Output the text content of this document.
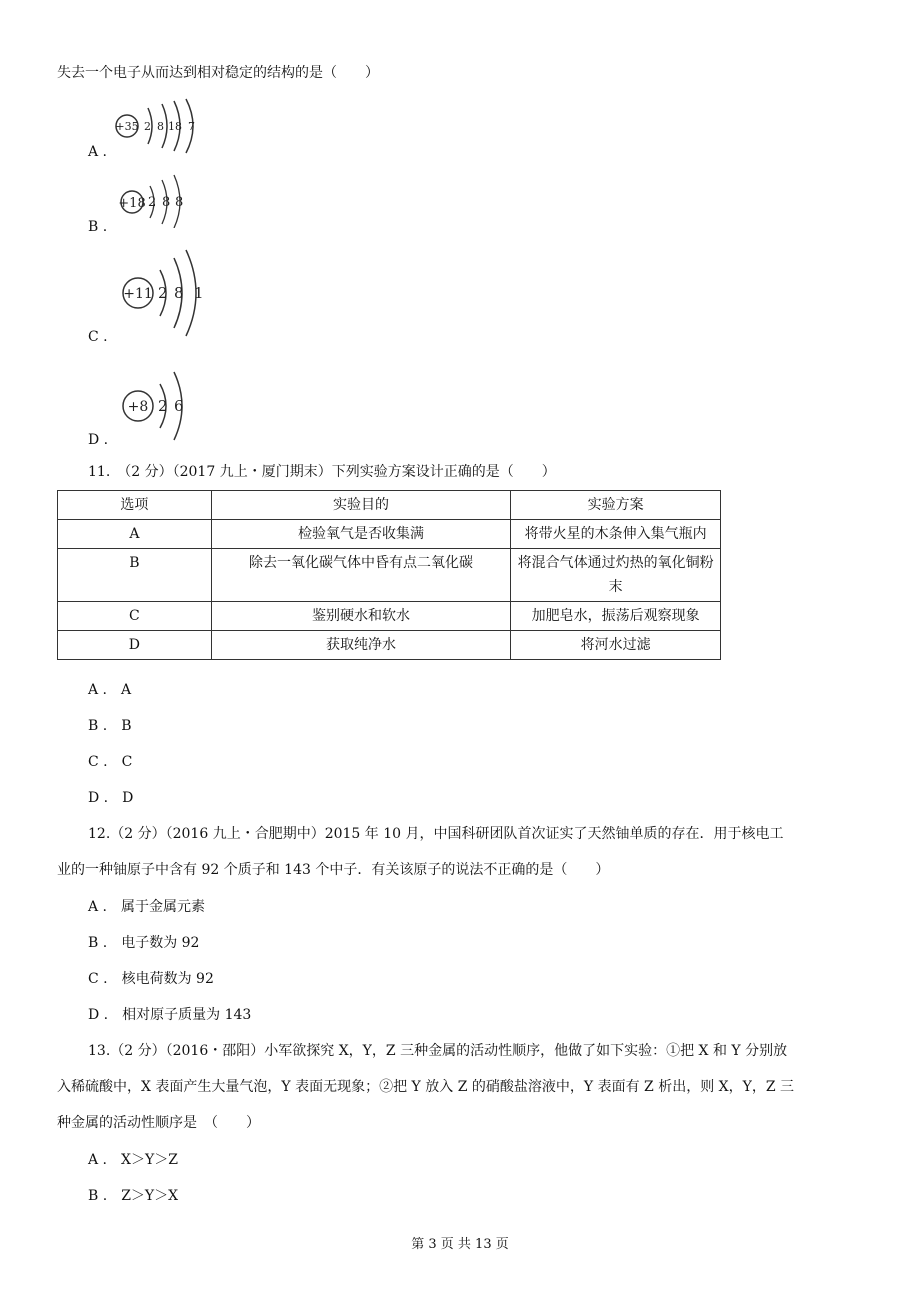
失去一个电子从而达到相对稳定的结构的是（　　）
+35 2 8 18 7
A .
+18 2 8 8
B .
+11 2 8 1
C .
+8 2 6
D .
11.　（2 分）（2017 九上・厦门期末）下列实验方案设计正确的是（　　）
选项	实验目的	实验方案
A	检验氧气是否收集满	将带火星的木条伸入集气瓶内
B	除去一氧化碳气体中昏有点二氧化碳	将混合气体通过灼热的氧化铜粉末
C	鉴别硬水和软水	加肥皂水，振荡后观察现象
D	获取纯净水	将河水过滤
A .　A
B .　B
C .　C
D .　D
12.（2 分）（2016 九上・合肥期中）2015 年 10 月，中国科研团队首次证实了天然铀单质的存在．用于核电工
业的一种铀原子中含有 92 个质子和 143 个中子．有关该原子的说法不正确的是（　　）
A .　属于金属元素
B .　电子数为 92
C .　核电荷数为 92
D .　相对原子质量为 143
13.（2 分）（2016・邵阳）小军欲探究 X，Y，Z 三种金属的活动性顺序，他做了如下实验：①把 X 和 Y 分别放
入稀硫酸中，X 表面产生大量气泡，Y 表面无现象；②把 Y 放入 Z 的硝酸盐溶液中，Y 表面有 Z 析出，则 X，Y，Z 三
种金属的活动性顺序是　（　　）
A .　X＞Y＞Z
B .　Z＞Y＞X
第 3 页 共 13 页
